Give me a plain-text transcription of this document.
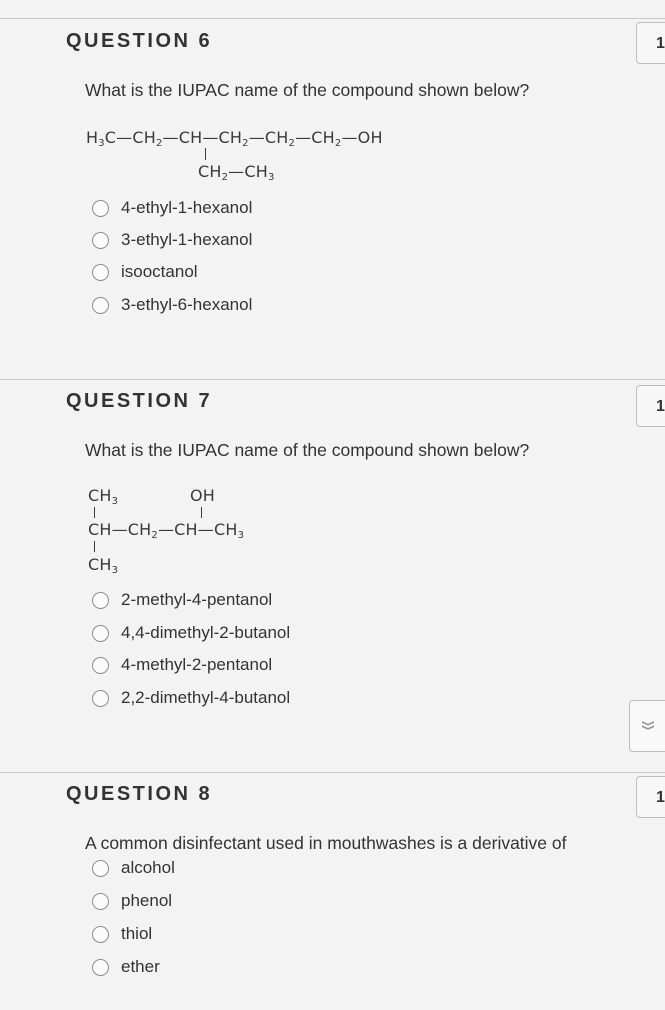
QUESTION 6	1
What is the IUPAC name of the compound shown below?
$H_3C—CH_2—CH—CH_2—CH_2—CH_2—OH$
$CH_2—CH_3$
4-ethyl-1-hexanol
3-ethyl-1-hexanol
isooctanol
3-ethyl-6-hexanol
QUESTION 7	1
What is the IUPAC name of the compound shown below?
$CH_3$	OH
$CH—CH_2—CH—CH_3$
$CH_3$
2-methyl-4-pentanol
4,4-dimethyl-2-butanol
4-methyl-2-pentanol
2,2-dimethyl-4-butanol
❯❯
QUESTION 8	1
A common disinfectant used in mouthwashes is a derivative of
alcohol
phenol
thiol
ether
